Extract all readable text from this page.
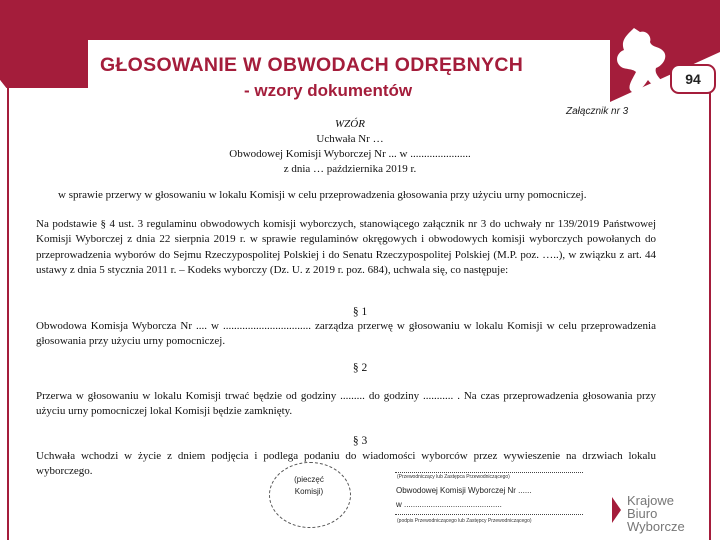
GŁOSOWANIE W OBWODACH ODRĘBNYCH
- wzory dokumentów
94
Załącznik nr 3
WZÓR
Uchwała Nr …
Obwodowej Komisji Wyborczej Nr ... w ......................
z dnia … października 2019 r.
w sprawie przerwy w głosowaniu w lokalu Komisji w celu przeprowadzenia głosowania przy użyciu urny pomocniczej.
Na podstawie § 4 ust. 3 regulaminu obwodowych komisji wyborczych, stanowiącego załącznik nr 3 do uchwały nr 139/2019 Państwowej Komisji Wyborczej z dnia 22 sierpnia 2019 r. w sprawie regulaminów okręgowych i obwodowych komisji wyborczych powołanych do przeprowadzenia wyborów do Sejmu Rzeczypospolitej Polskiej i do Senatu Rzeczypospolitej Polskiej (M.P. poz. …..), w związku z art. 44 ustawy z dnia 5 stycznia 2011 r. – Kodeks wyborczy (Dz. U. z 2019 r. poz. 684), uchwala się, co następuje:
§ 1
Obwodowa Komisja Wyborcza Nr .... w ................................ zarządza przerwę w głosowaniu w lokalu Komisji w celu przeprowadzenia głosowania przy użyciu urny pomocniczej.
§ 2
Przerwa w głosowaniu w lokalu Komisji trwać będzie od godziny ......... do godziny ........... . Na czas przeprowadzenia głosowania przy użyciu urny pomocniczej lokal Komisji będzie zamknięty.
§ 3
Uchwała wchodzi w życie z dniem podjęcia i podlega podaniu do wiadomości wyborców przez wywieszenie na drzwiach lokalu wyborczego.
(pieczęć Komisji)
(Przewodniczący lub Zastępca Przewodniczącego)
Obwodowej Komisji Wyborczej Nr ......
w ............................................
(podpis Przewodniczącego lub Zastępcy Przewodniczącego)
Krajowe
Biuro
Wyborcze
